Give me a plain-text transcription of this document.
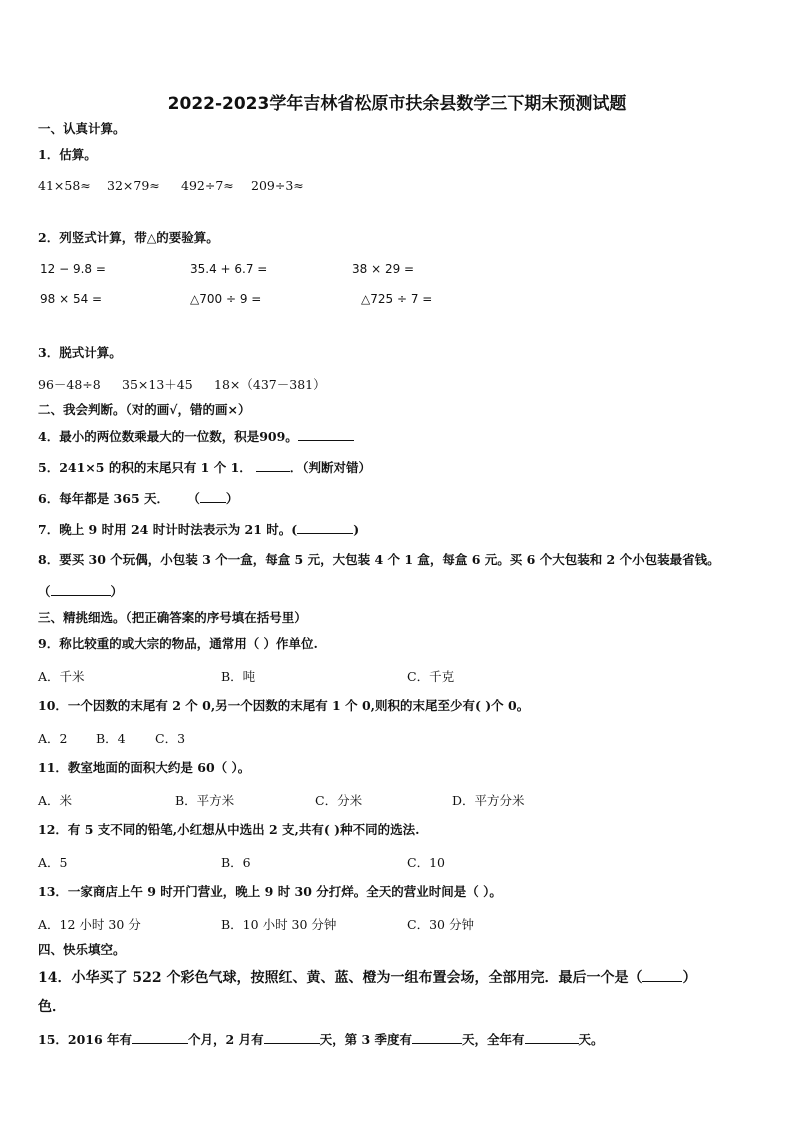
2022-2023学年吉林省松原市扶余县数学三下期末预测试题
一、认真计算。
1．估算。
41×58≈ 32×79≈ 492÷7≈ 209÷3≈
2．列竖式计算，带△的要验算。
12 − 9.8 =	35.4 + 6.7 =	38 × 29 =
98 × 54 =	△700 ÷ 9 =	△725 ÷ 7 =
3．脱式计算。
96－48÷8 35×13＋45 18×（437－381）
二、我会判断。（对的画√，错的画×）
4．最小的两位数乘最大的一位数，积是909。
5．241×5 的积的末尾只有 1 个 1．	．（判断对错）
6．每年都是 365 天． （ ）
7．晚上 9 时用 24 时计时法表示为 21 时。(	)
8．要买 30 个玩偶，小包装 3 个一盒，每盒 5 元，大包装 4 个 1 盒，每盒 6 元。买 6 个大包装和 2 个小包装最省钱。
（	）
三、精挑细选。（把正确答案的序号填在括号里）
9．称比较重的或大宗的物品，通常用（ ）作单位.
A．千米	B．吨	C．千克
10．一个因数的末尾有 2 个 0,另一个因数的末尾有 1 个 0,则积的末尾至少有( )个 0。
A．2 B．4 C．3
11．教室地面的面积大约是 60（ ）。
A．米	B．平方米	C．分米	D．平方分米
12．有 5 支不同的铅笔,小红想从中选出 2 支,共有( )种不同的选法.
A．5	B．6	C．10
13．一家商店上午 9 时开门营业，晚上 9 时 30 分打烊。全天的营业时间是（ ）。
A．12 小时 30 分	B．10 小时 30 分钟	C．30 分钟
四、快乐填空。
14．小华买了 522 个彩色气球，按照红、黄、蓝、橙为一组布置会场，全部用完．最后一个是（	）
色．
15．2016 年有	个月，2 月有	天，第 3 季度有	天，全年有	天。
